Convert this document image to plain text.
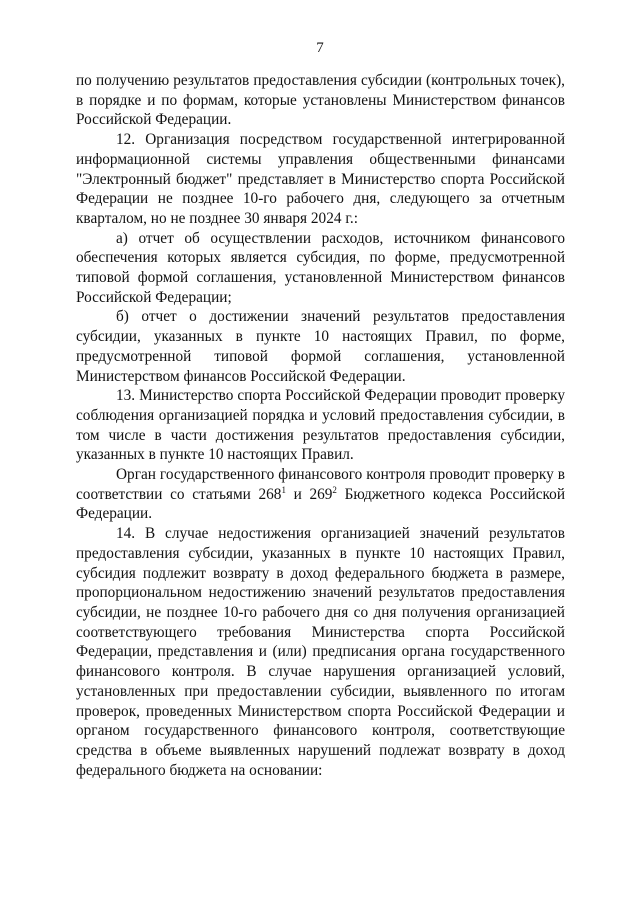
7

по получению результатов предоставления субсидии (контрольных точек), в порядке и по формам, которые установлены Министерством финансов Российской Федерации.

12. Организация посредством государственной интегрированной информационной системы управления общественными финансами "Электронный бюджет" представляет в Министерство спорта Российской Федерации не позднее 10-го рабочего дня, следующего за отчетным кварталом, но не позднее 30 января 2024 г.:

а) отчет об осуществлении расходов, источником финансового обеспечения которых является субсидия, по форме, предусмотренной типовой формой соглашения, установленной Министерством финансов Российской Федерации;

б) отчет о достижении значений результатов предоставления субсидии, указанных в пункте 10 настоящих Правил, по форме, предусмотренной типовой формой соглашения, установленной Министерством финансов Российской Федерации.

13. Министерство спорта Российской Федерации проводит проверку соблюдения организацией порядка и условий предоставления субсидии, в том числе в части достижения результатов предоставления субсидии, указанных в пункте 10 настоящих Правил.

Орган государственного финансового контроля проводит проверку в соответствии со статьями $268^1$ и $269^2$ Бюджетного кодекса Российской Федерации.

14. В случае недостижения организацией значений результатов предоставления субсидии, указанных в пункте 10 настоящих Правил, субсидия подлежит возврату в доход федерального бюджета в размере, пропорциональном недостижению значений результатов предоставления субсидии, не позднее 10-го рабочего дня со дня получения организацией соответствующего требования Министерства спорта Российской Федерации, представления и (или) предписания органа государственного финансового контроля. В случае нарушения организацией условий, установленных при предоставлении субсидии, выявленного по итогам проверок, проведенных Министерством спорта Российской Федерации и органом государственного финансового контроля, соответствующие средства в объеме выявленных нарушений подлежат возврату в доход федерального бюджета на основании:
